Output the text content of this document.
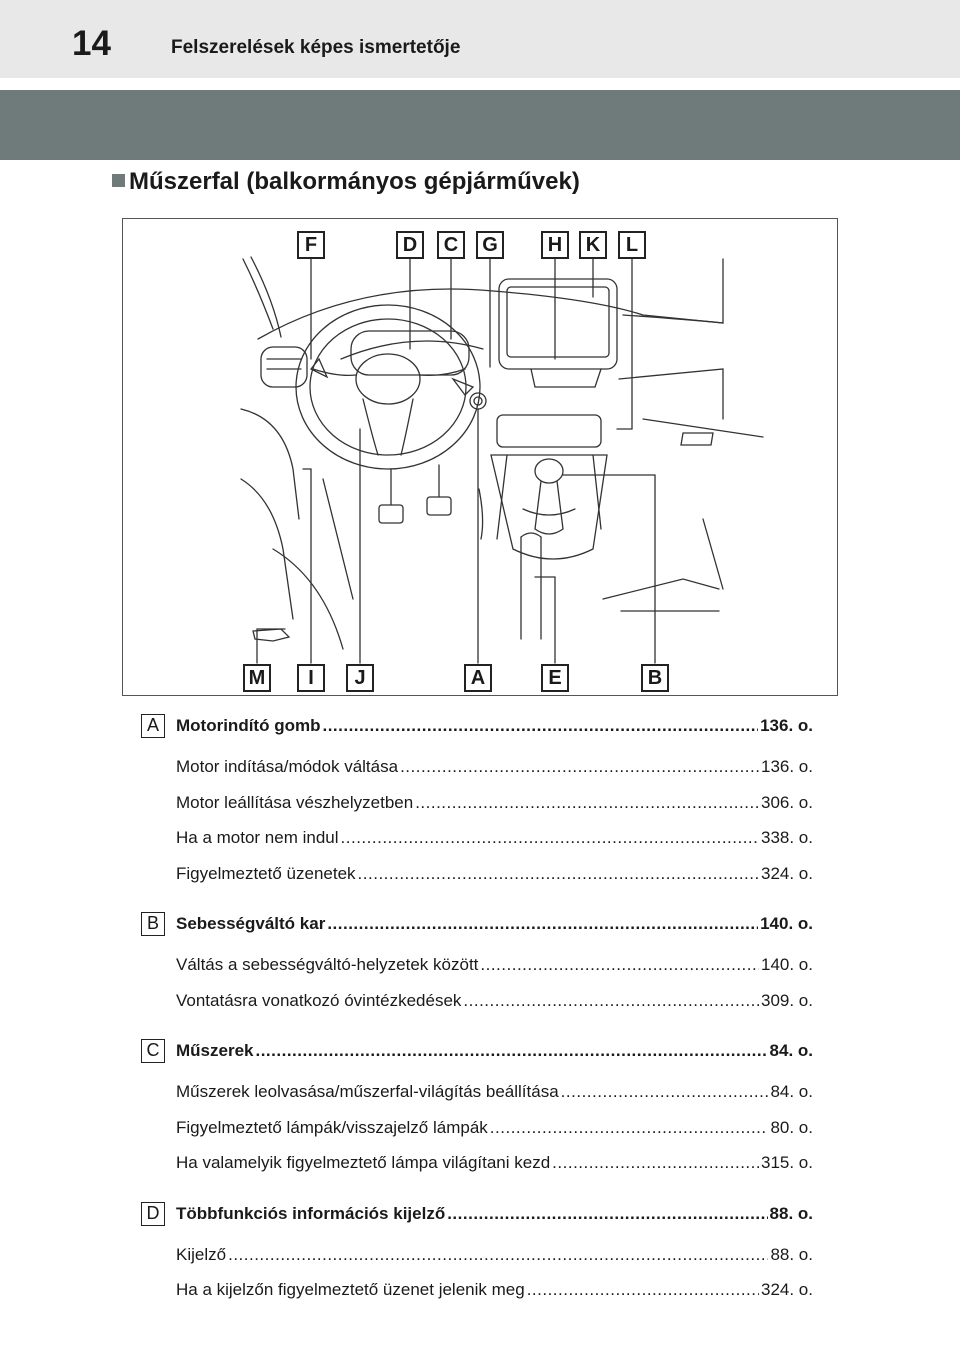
14	Felszerelések képes ismertetője
Műszerfal (balkormányos gépjárművek)
F	D	C	G	H	K	L
M	I	J	A	E	B
A	Motorindító gomb .....	136. o.
Motor indítása/módok váltása .....	136. o.
Motor leállítása vészhelyzetben .....	306. o.
Ha a motor nem indul .....	338. o.
Figyelmeztető üzenetek .....	324. o.
B	Sebességváltó kar .....	140. o.
Váltás a sebességváltó-helyzetek között .....	140. o.
Vontatásra vonatkozó óvintézkedések .....	309. o.
C Műszerek .....	84. o.
Műszerek leolvasása/műszerfal-világítás beállítása .....	84. o.
Figyelmeztető lámpák/visszajelző lámpák .....	80. o.
Ha valamelyik figyelmeztető lámpa világítani kezd .....	315. o.
D Többfunkciós információs kijelző .....	88. o.
Kijelző .....	88. o.
Ha a kijelzőn figyelmeztető üzenet jelenik meg .....	324. o.
